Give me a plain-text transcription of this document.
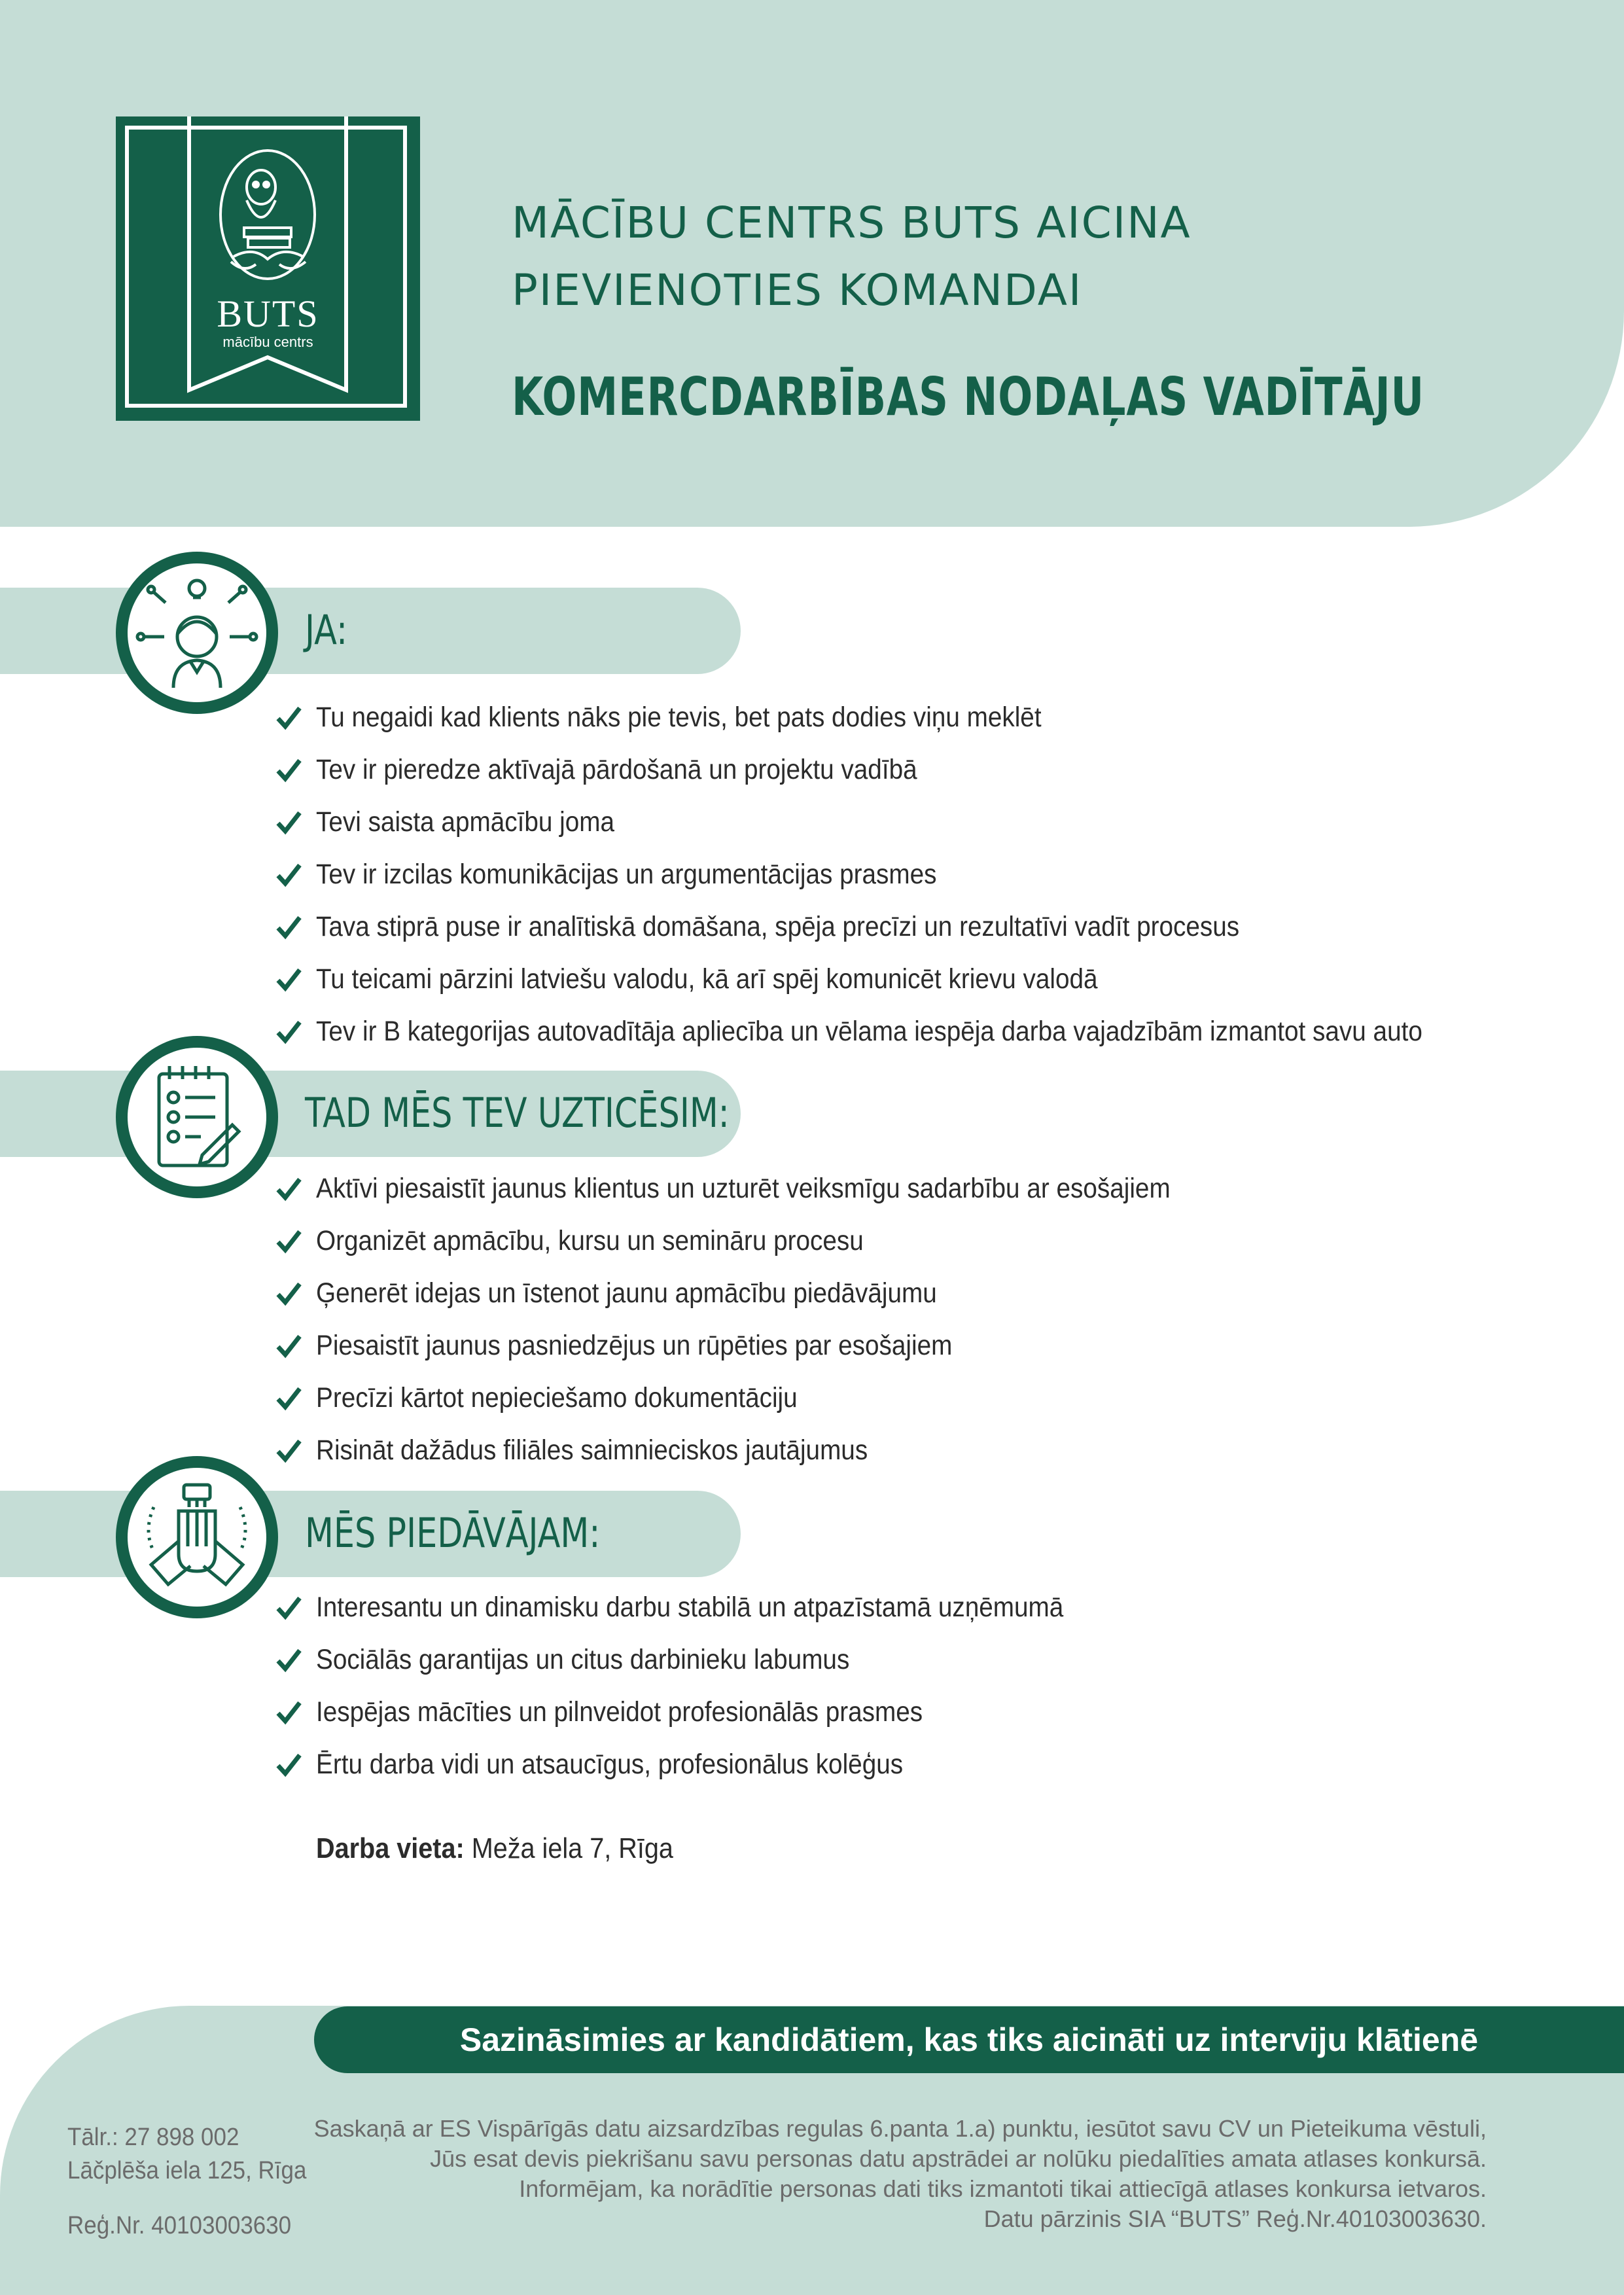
BUTS
mācību centrs
MĀCĪBU CENTRS BUTS AICINA
PIEVIENOTIES KOMANDAI
KOMERCDARBĪBAS NODAĻAS VADĪTĀJU
JA:
Tu negaidi kad klients nāks pie tevis, bet pats dodies viņu meklēt
Tev ir pieredze aktīvajā pārdošanā un projektu vadībā
Tevi saista apmācību joma
Tev ir izcilas komunikācijas un argumentācijas prasmes
Tava stiprā puse ir analītiskā domāšana, spēja precīzi un rezultatīvi vadīt procesus
Tu teicami pārzini latviešu valodu, kā arī spēj komunicēt krievu valodā
Tev ir B kategorijas autovadītāja apliecība un vēlama iespēja darba vajadzībām izmantot savu auto
TAD MĒS TEV UZTICĒSIM:
Aktīvi piesaistīt jaunus klientus un uzturēt veiksmīgu sadarbību ar esošajiem
Organizēt apmācību, kursu un semināru procesu
Ģenerēt idejas un īstenot jaunu apmācību piedāvājumu
Piesaistīt jaunus pasniedzējus un rūpēties par esošajiem
Precīzi kārtot nepieciešamo dokumentāciju
Risināt dažādus filiāles saimnieciskos jautājumus
MĒS PIEDĀVĀJAM:
Interesantu un dinamisku darbu stabilā un atpazīstamā uzņēmumā
Sociālās garantijas un citus darbinieku labumus
Iespējas mācīties un pilnveidot profesionālās prasmes
Ērtu darba vidi un atsaucīgus, profesionālus kolēģus
Darba vieta: Meža iela 7, Rīga
Sazināsimies ar kandidātiem, kas tiks aicināti uz interviju klātienē
Tālr.: 27 898 002
Lāčplēša iela 125, Rīga
Reģ.Nr. 40103003630
Saskaņā ar ES Vispārīgās datu aizsardzības regulas 6.panta 1.a) punktu, iesūtot savu CV un Pieteikuma vēstuli,
Jūs esat devis piekrišanu savu personas datu apstrādei ar nolūku piedalīties amata atlases konkursā.
Informējam, ka norādītie personas dati tiks izmantoti tikai attiecīgā atlases konkursa ietvaros.
Datu pārzinis SIA “BUTS” Reģ.Nr.40103003630.
